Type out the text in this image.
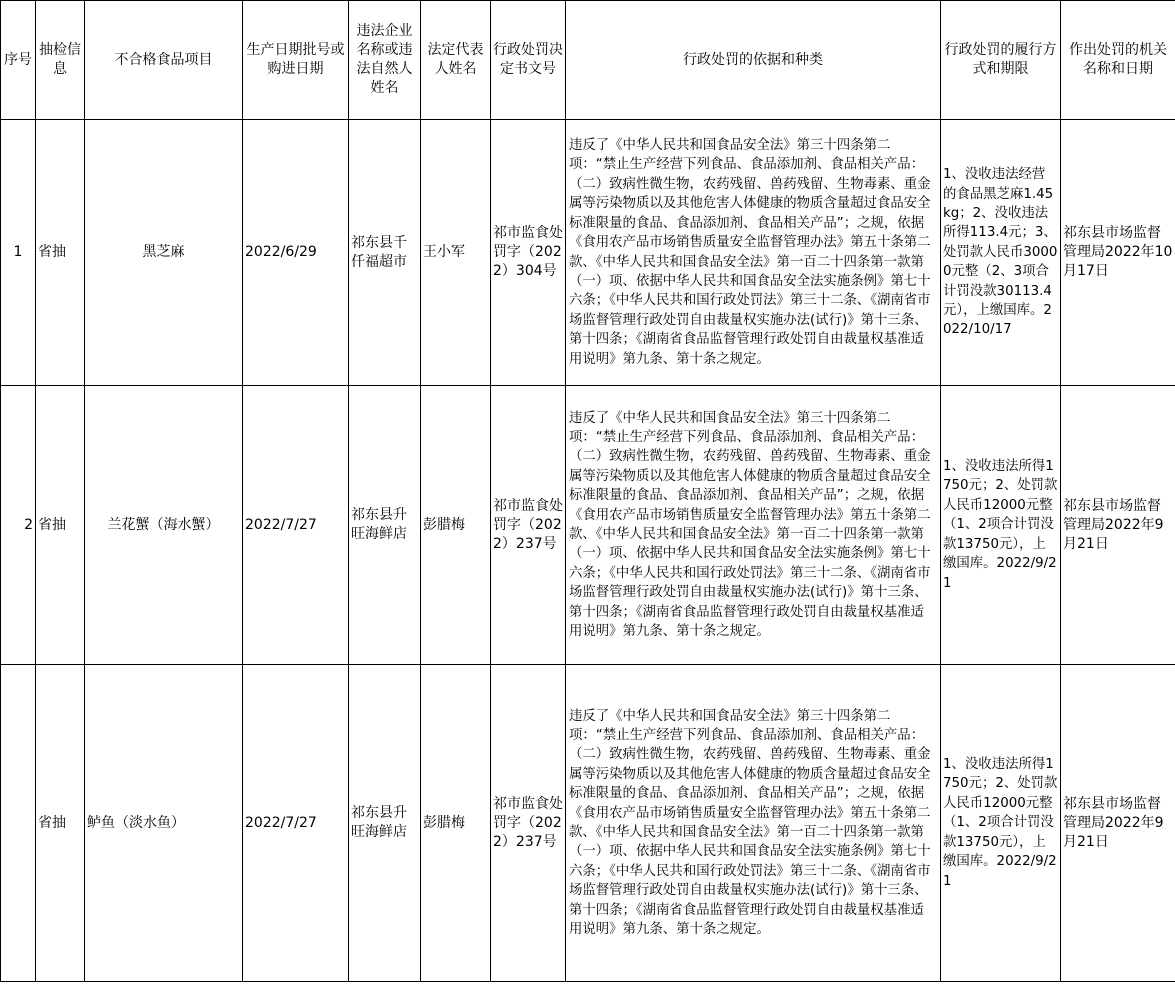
序号	抽检信息	不合格食品项目	生产日期批号或购进日期	违法企业名称或违法自然人姓名	法定代表人姓名	行政处罚决定书文号	行政处罚的依据和种类	行政处罚的履行方式和期限	作出处罚的机关名称和日期
1	省抽	黑芝麻	2022/6/29	祁东县千仟福超市	王小军	祁市监食处罚字（2022）304号	违反了《中华人民共和国食品安全法》第三十四条第二项：“禁止生产经营下列食品、食品添加剂、食品相关产品：（二）致病性微生物，农药残留、兽药残留、生物毒素、重金属等污染物质以及其他危害人体健康的物质含量超过食品安全标准限量的食品、食品添加剂、食品相关产品”；之规，依据《食用农产品市场销售质量安全监督管理办法》第五十条第二款、《中华人民共和国食品安全法》第一百二十四条第一款第（一）项、依据中华人民共和国食品安全法实施条例》第七十六条；《中华人民共和国行政处罚法》第三十二条、《湖南省市场监督管理行政处罚自由裁量权实施办法(试行)》第十三条、第十四条；《湖南省食品监督管理行政处罚自由裁量权基准适用说明》第九条、第十条之规定。	1、没收违法经营的食品黑芝麻1.45kg；2、没收违法所得113.4元；3、处罚款人民币30000元整（2、3项合计罚没款30113.4元），上缴国库。2022/10/17	祁东县市场监督管理局2022年10月17日
2	省抽	兰花蟹（海水蟹）	2022/7/27	祁东县升旺海鲜店	彭腊梅	祁市监食处罚字（2022）237号	违反了《中华人民共和国食品安全法》第三十四条第二项：“禁止生产经营下列食品、食品添加剂、食品相关产品：（二）致病性微生物，农药残留、兽药残留、生物毒素、重金属等污染物质以及其他危害人体健康的物质含量超过食品安全标准限量的食品、食品添加剂、食品相关产品”；之规，依据《食用农产品市场销售质量安全监督管理办法》第五十条第二款、《中华人民共和国食品安全法》第一百二十四条第一款第（一）项、依据中华人民共和国食品安全法实施条例》第七十六条；《中华人民共和国行政处罚法》第三十二条、《湖南省市场监督管理行政处罚自由裁量权实施办法(试行)》第十三条、第十四条；《湖南省食品监督管理行政处罚自由裁量权基准适用说明》第九条、第十条之规定。	1、没收违法所得1750元；2、处罚款人民币12000元整（1、2项合计罚没款13750元），上缴国库。2022/9/21	祁东县市场监督管理局2022年9月21日
	省抽	鲈鱼（淡水鱼）	2022/7/27	祁东县升旺海鲜店	彭腊梅	祁市监食处罚字（2022）237号	违反了《中华人民共和国食品安全法》第三十四条第二项：“禁止生产经营下列食品、食品添加剂、食品相关产品：（二）致病性微生物，农药残留、兽药残留、生物毒素、重金属等污染物质以及其他危害人体健康的物质含量超过食品安全标准限量的食品、食品添加剂、食品相关产品”；之规，依据《食用农产品市场销售质量安全监督管理办法》第五十条第二款、《中华人民共和国食品安全法》第一百二十四条第一款第（一）项、依据中华人民共和国食品安全法实施条例》第七十六条；《中华人民共和国行政处罚法》第三十二条、《湖南省市场监督管理行政处罚自由裁量权实施办法(试行)》第十三条、第十四条；《湖南省食品监督管理行政处罚自由裁量权基准适用说明》第九条、第十条之规定。	1、没收违法所得1750元；2、处罚款人民币12000元整（1、2项合计罚没款13750元），上缴国库。2022/9/21	祁东县市场监督管理局2022年9月21日
